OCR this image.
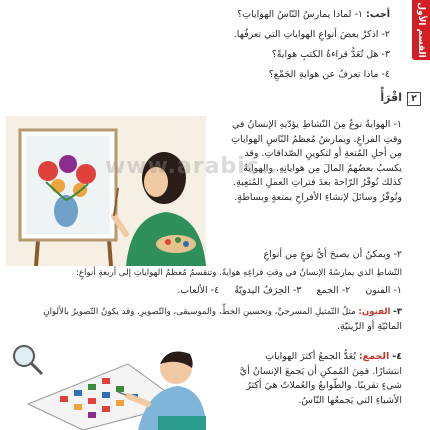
القسم الأول
أجب: ١- لماذا يمارسُ النّاسُ الهواياتِ؟
٢- اذكرْ بعضَ أنواعِ الهواياتِ التي تعرفُها.
٣- هل تُعَدُّ قراءةُ الكتبِ هوايةً؟
٤- ماذا تعرفُ عن هوايةِ الجَمْعِ؟
٢
اقْرَأْ
١- الهوايةُ نوعٌ مِنَ النّشاطِ يؤدّيهِ الإنسانُ في
وقتِ الفراغِ. ويمارسُ مُعظمُ النّاسِ الهواياتِ
مِن أجلِ المُتعةِ أو لتكوينِ الصّداقاتِ. وقد
يكسبُ بعضُهمُ المالَ مِن هواياتِهِ. والهوايةُ
كذلك تُوفّرُ الرّاحةَ بعدَ فتراتِ العملِ المُتعِبةِ.
وتُوفّرُ وسائلَ لإنشاءِ الأفراحِ بمتعةٍ وبساطةٍ.
www.arabic...
٢- ويمكنُ أن يصبحَ أيُّ نوعٍ مِن أنواعِ
النّشاطِ الذي يمارسُهُ الإنسانُ في وقتِ فراغِهِ هوايةً. وتنقسمُ مُعظمُ الهواياتِ إلى أربعةِ أنواعٍ:
١- الفنون     ٢- الجمع     ٣- الحِرَفُ اليدويّةُ     ٤- الألعاب.
٣- الفنون: مثلُ التّمثيلِ المسرحيِّ، وتحسينِ الخطِّ، والموسيقى، والتّصويرِ. وقد يكونُ التّصويرُ بالألوانِ
المائيّةِ أو الزّيتيّةِ.
٤- الجمع: يُعَدُّ الجمعُ أكثرَ الهواياتِ
انتشارًا. فمِنَ المُمكنِ أن يَجمعَ الإنسانُ أيَّ
شيءٍ تقريبًا. والطّوابعُ والعُملاتُ هيَ أكثرُ
الأشياءِ التي يَجمعُها النّاسُ.
